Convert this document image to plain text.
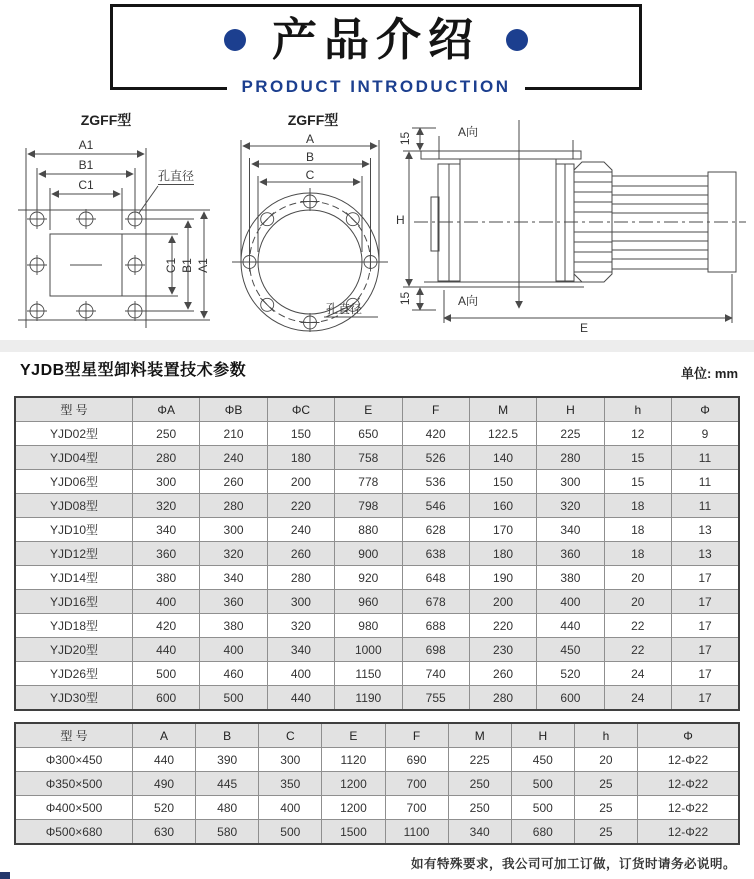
产品介绍
PRODUCT INTRODUCTION
ZGFF型
A1
B1
C1
C1 B1 A1
孔直径
ZGFF型
A
B
C
孔直径
15	A向
H
15	A向
E
YJDB型星型卸料装置技术参数	单位: mm
型 号	ΦA	ΦB	ΦC	E	F	M	H	h	Φ
YJD02型	250	210	150	650	420	122.5	225	12	9
YJD04型	280	240	180	758	526	140	280	15	11
YJD06型	300	260	200	778	536	150	300	15	11
YJD08型	320	280	220	798	546	160	320	18	11
YJD10型	340	300	240	880	628	170	340	18	13
YJD12型	360	320	260	900	638	180	360	18	13
YJD14型	380	340	280	920	648	190	380	20	17
YJD16型	400	360	300	960	678	200	400	20	17
YJD18型	420	380	320	980	688	220	440	22	17
YJD20型	440	400	340	1000	698	230	450	22	17
YJD26型	500	460	400	1150	740	260	520	24	17
YJD30型	600	500	440	1190	755	280	600	24	17
型 号	A	B	C	E	F	M	H	h	Φ
Φ300×450	440	390	300	1120	690	225	450	20	12-Φ22
Φ350×500	490	445	350	1200	700	250	500	25	12-Φ22
Φ400×500	520	480	400	1200	700	250	500	25	12-Φ22
Φ500×680	630	580	500	1500	1100	340	680	25	12-Φ22
如有特殊要求，我公司可加工订做，订货时请务必说明。
